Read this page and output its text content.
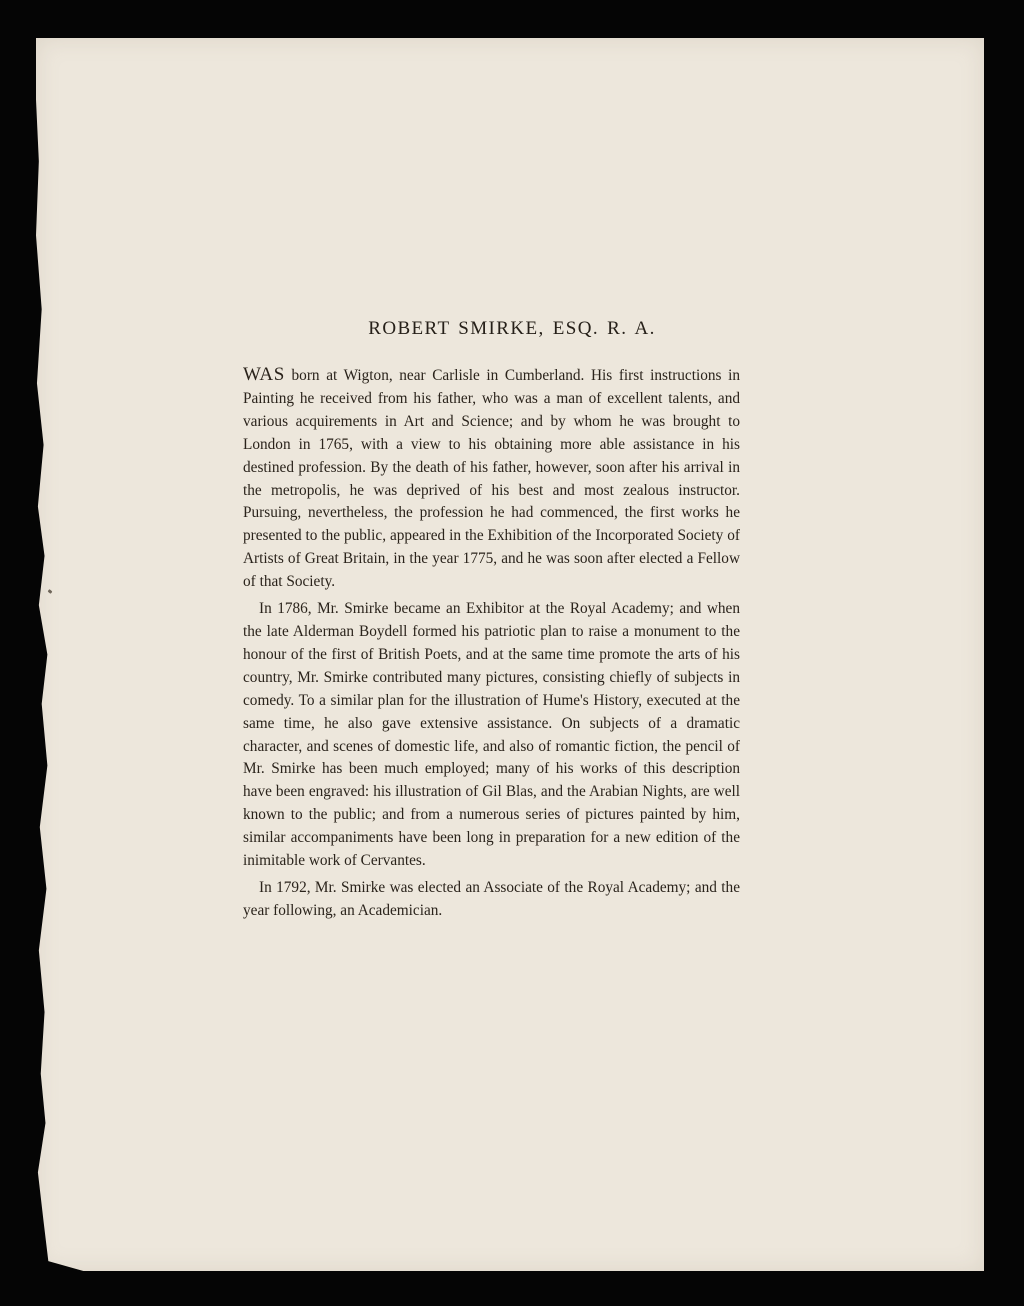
ROBERT SMIRKE, ESQ. R. A.

WAS born at Wigton, near Carlisle in Cumberland. His first instructions in Painting he received from his father, who was a man of excellent talents, and various acquirements in Art and Science; and by whom he was brought to London in 1765, with a view to his obtaining more able assistance in his destined profession. By the death of his father, however, soon after his arrival in the metropolis, he was deprived of his best and most zealous instructor. Pursuing, nevertheless, the profession he had commenced, the first works he presented to the public, appeared in the Exhibition of the Incorporated Society of Artists of Great Britain, in the year 1775, and he was soon after elected a Fellow of that Society.

In 1786, Mr. Smirke became an Exhibitor at the Royal Academy; and when the late Alderman Boydell formed his patriotic plan to raise a monument to the honour of the first of British Poets, and at the same time promote the arts of his country, Mr. Smirke contributed many pictures, consisting chiefly of subjects in comedy. To a similar plan for the illustration of Hume's History, executed at the same time, he also gave extensive assistance. On subjects of a dramatic character, and scenes of domestic life, and also of romantic fiction, the pencil of Mr. Smirke has been much employed; many of his works of this description have been engraved: his illustration of Gil Blas, and the Arabian Nights, are well known to the public; and from a numerous series of pictures painted by him, similar accompaniments have been long in preparation for a new edition of the inimitable work of Cervantes.

In 1792, Mr. Smirke was elected an Associate of the Royal Academy; and the year following, an Academician.
